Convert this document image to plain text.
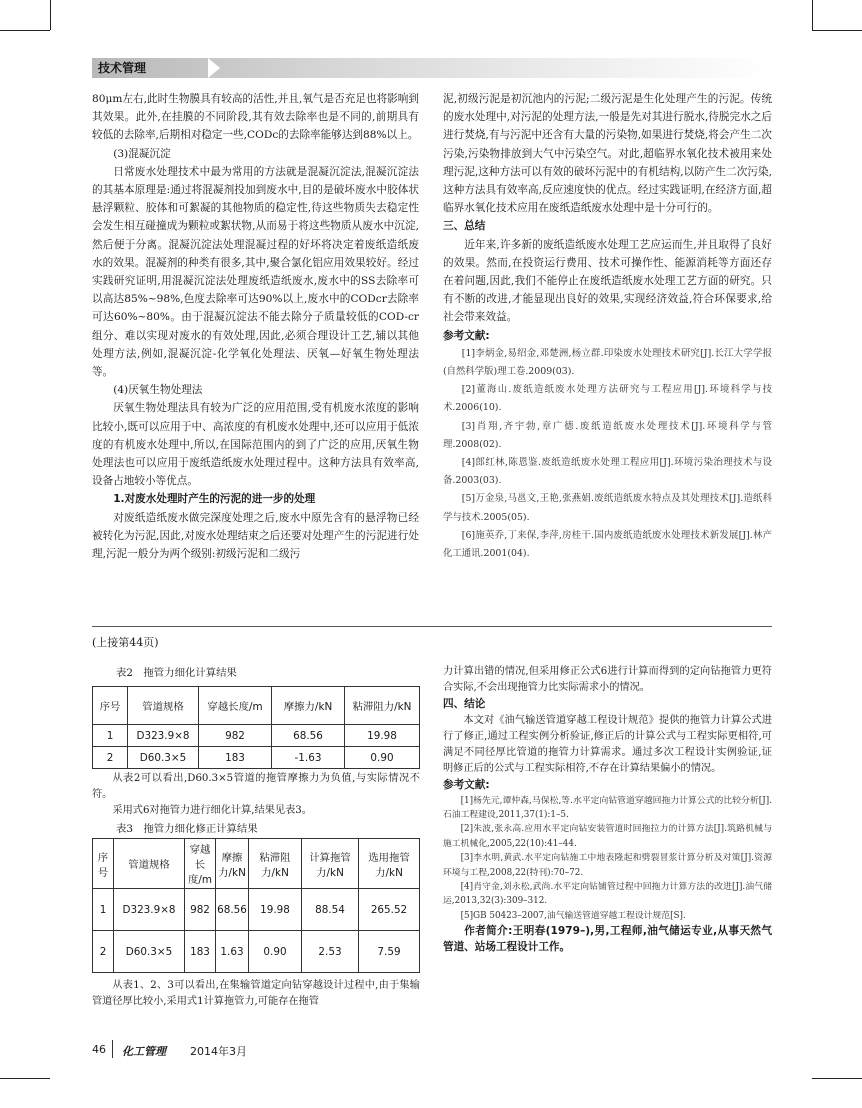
技术管理

80μm左右,此时生物膜具有较高的活性,并且,氧气是否充足也将影响到其效果。此外,在挂膜的不同阶段,其有效去除率也是不同的,前期具有较低的去除率,后期相对稳定一些,CODc的去除率能够达到88%以上。

(3)混凝沉淀

日常废水处理技术中最为常用的方法就是混凝沉淀法,混凝沉淀法的其基本原理是:通过将混凝剂投加到废水中,目的是破坏废水中胶体状悬浮颗粒、胶体和可絮凝的其他物质的稳定性,待这些物质失去稳定性会发生相互碰撞成为颗粒或絮状物,从而易于将这些物质从废水中沉淀,然后便于分离。混凝沉淀法处理混凝过程的好坏将决定着废纸造纸废水的效果。混凝剂的种类有很多,其中,聚合氯化铝应用效果较好。经过实践研究证明,用混凝沉淀法处理废纸造纸废水,废水中的SS去除率可以高达85%~98%,色度去除率可达90%以上,废水中的CODcr去除率可达60%~80%。由于混凝沉淀法不能去除分子质量较低的COD-cr组分、难以实现对废水的有效处理,因此,必须合理设计工艺,辅以其他处理方法,例如,混凝沉淀-化学氧化处理法、厌氧—好氧生物处理法等。

(4)厌氧生物处理法

厌氧生物处理法具有较为广泛的应用范围,受有机废水浓度的影响比较小,既可以应用于中、高浓度的有机废水处理中,还可以应用于低浓度的有机废水处理中,所以,在国际范围内的到了广泛的应用,厌氧生物处理法也可以应用于废纸造纸废水处理过程中。这种方法具有效率高,设备占地较小等优点。

1.对废水处理时产生的污泥的进一步的处理

对废纸造纸废水做完深度处理之后,废水中原先含有的悬浮物已经被转化为污泥,因此,对废水处理结束之后还要对处理产生的污泥进行处理,污泥一般分为两个级别:初级污泥和二级污

泥,初级污泥是初沉池内的污泥;二级污泥是生化处理产生的污泥。传统的废水处理中,对污泥的处理方法,一般是先对其进行脱水,待脱完水之后进行焚烧,有与污泥中还含有大量的污染物,如果进行焚烧,将会产生二次污染,污染物排放到大气中污染空气。对此,超临界水氧化技术被用来处理污泥,这种方法可以有效的破坏污泥中的有机结构,以防产生二次污染,这种方法具有效率高,反应速度快的优点。经过实践证明,在经济方面,超临界水氧化技术应用在废纸造纸废水处理中是十分可行的。

三、总结

近年来,许多新的废纸造纸废水处理工艺应运而生,并且取得了良好的效果。然而,在投资运行费用、技术可操作性、能源消耗等方面还存在着问题,因此,我们不能停止在废纸造纸废水处理工艺方面的研究。只有不断的改进,才能显现出良好的效果,实现经济效益,符合环保要求,给社会带来效益。

参考文献:

[1]李炳金,易绍金,邓楚洲,杨立群.印染废水处理技术研究[J].长江大学学报(自然科学版)理工卷.2009(03).

[2]董海山.废纸造纸废水处理方法研究与工程应用[J].环境科学与技术.2006(10).

[3]肖翔,齐宇勃,章广德.废纸造纸废水处理技术[J].环境科学与管理.2008(02).

[4]郎红林,陈恩鉴.废纸造纸废水处理工程应用[J].环境污染治理技术与设备.2003(03).

[5]万金泉,马邕文,王艳,张燕娟.废纸造纸废水特点及其处理技术[J].造纸科学与技术.2005(05).

[6]施英乔,丁来保,李萍,房桂干.国内废纸造纸废水处理技术新发展[J].林产化工通讯.2001(04).

(上接第44页)
表2　拖管力细化计算结果
序号	管道规格	穿越长度/m	摩擦力/kN	粘滞阻力/kN
1	D323.9×8	982	68.56	19.98
2	D60.3×5	183	-1.63	0.90

从表2可以看出,D60.3×5管道的拖管摩擦力为负值,与实际情况不符。

采用式6对拖管力进行细化计算,结果见表3。

表3　拖管力细化修正计算结果
序号	管道规格	穿越长度/m	摩擦力/kN	粘滞阻力/kN	计算拖管力/kN	选用拖管力/kN
1	D323.9×8	982	68.56	19.98	88.54	265.52
2	D60.3×5	183	1.63	0.90	2.53	7.59

从表1、2、3可以看出,在集输管道定向钻穿越设计过程中,由于集输管道径厚比较小,采用式1计算拖管力,可能存在拖管

力计算出错的情况,但采用修正公式6进行计算而得到的定向钻拖管力更符合实际,不会出现拖管力比实际需求小的情况。

四、结论

本文对《油气输送管道穿越工程设计规范》提供的拖管力计算公式进行了修正,通过工程实例分析验证,修正后的计算公式与工程实际更相符,可满足不同径厚比管道的拖管力计算需求。通过多次工程设计实例验证,证明修正后的公式与工程实际相符,不存在计算结果偏小的情况。

参考文献:

[1]杨先元,谭仲森,马保松,等.水平定向钻管道穿越回拖力计算公式的比较分析[J].石油工程建设,2011,37(1):1–5.

[2]朱波,张永高.应用水平定向钻安装管道时回拖拉力的计算方法[J].筑路机械与施工机械化,2005,22(10):41–44.

[3]李水明,黄武.水平定向钻施工中地表隆起和劈裂冒浆计算分析及对策[J].资源环境与工程,2008,22(特刊):70–72.

[4]肖守金,刘永松,武尚.水平定向钻铺管过程中回拖力计算方法的改进[J].油气储运,2013,32(3):309–312.

[5]GB 50423–2007,油气输送管道穿越工程设计规范[S].

作者简介:王明春(1979–),男,工程师,油气储运专业,从事天然气管道、站场工程设计工作。

46 化工管理 2014年3月
